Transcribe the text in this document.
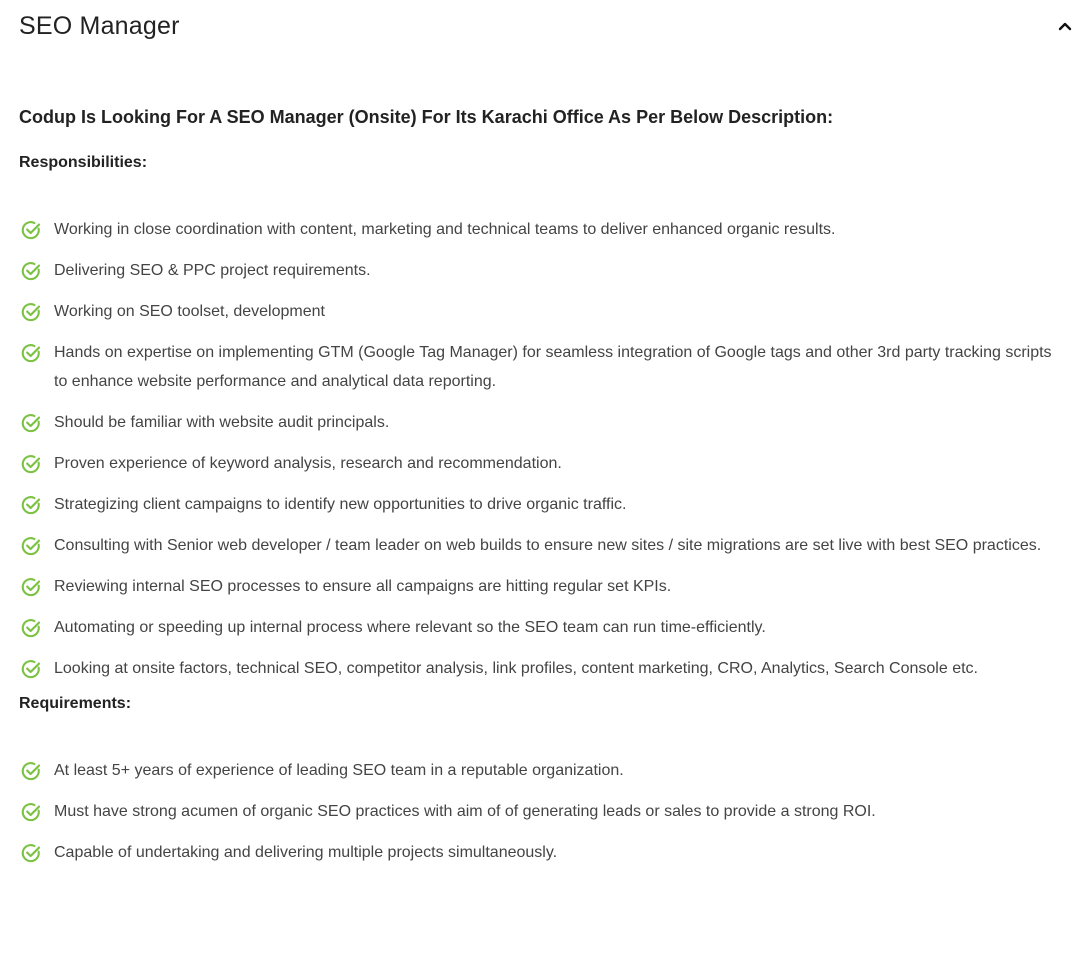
SEO Manager

Codup Is Looking For A SEO Manager (Onsite) For Its Karachi Office As Per Below Description:

Responsibilities:

Working in close coordination with content, marketing and technical teams to deliver enhanced organic results.
Delivering SEO & PPC project requirements.
Working on SEO toolset, development
Hands on expertise on implementing GTM (Google Tag Manager) for seamless integration of Google tags and other 3rd party tracking scripts to enhance website performance and analytical data reporting.
Should be familiar with website audit principals.
Proven experience of keyword analysis, research and recommendation.
Strategizing client campaigns to identify new opportunities to drive organic traffic.
Consulting with Senior web developer / team leader on web builds to ensure new sites / site migrations are set live with best SEO practices.
Reviewing internal SEO processes to ensure all campaigns are hitting regular set KPIs.
Automating or speeding up internal process where relevant so the SEO team can run time-efficiently.
Looking at onsite factors, technical SEO, competitor analysis, link profiles, content marketing, CRO, Analytics, Search Console etc.

Requirements:

At least 5+ years of experience of leading SEO team in a reputable organization.
Must have strong acumen of organic SEO practices with aim of of generating leads or sales to provide a strong ROI.
Capable of undertaking and delivering multiple projects simultaneously.
